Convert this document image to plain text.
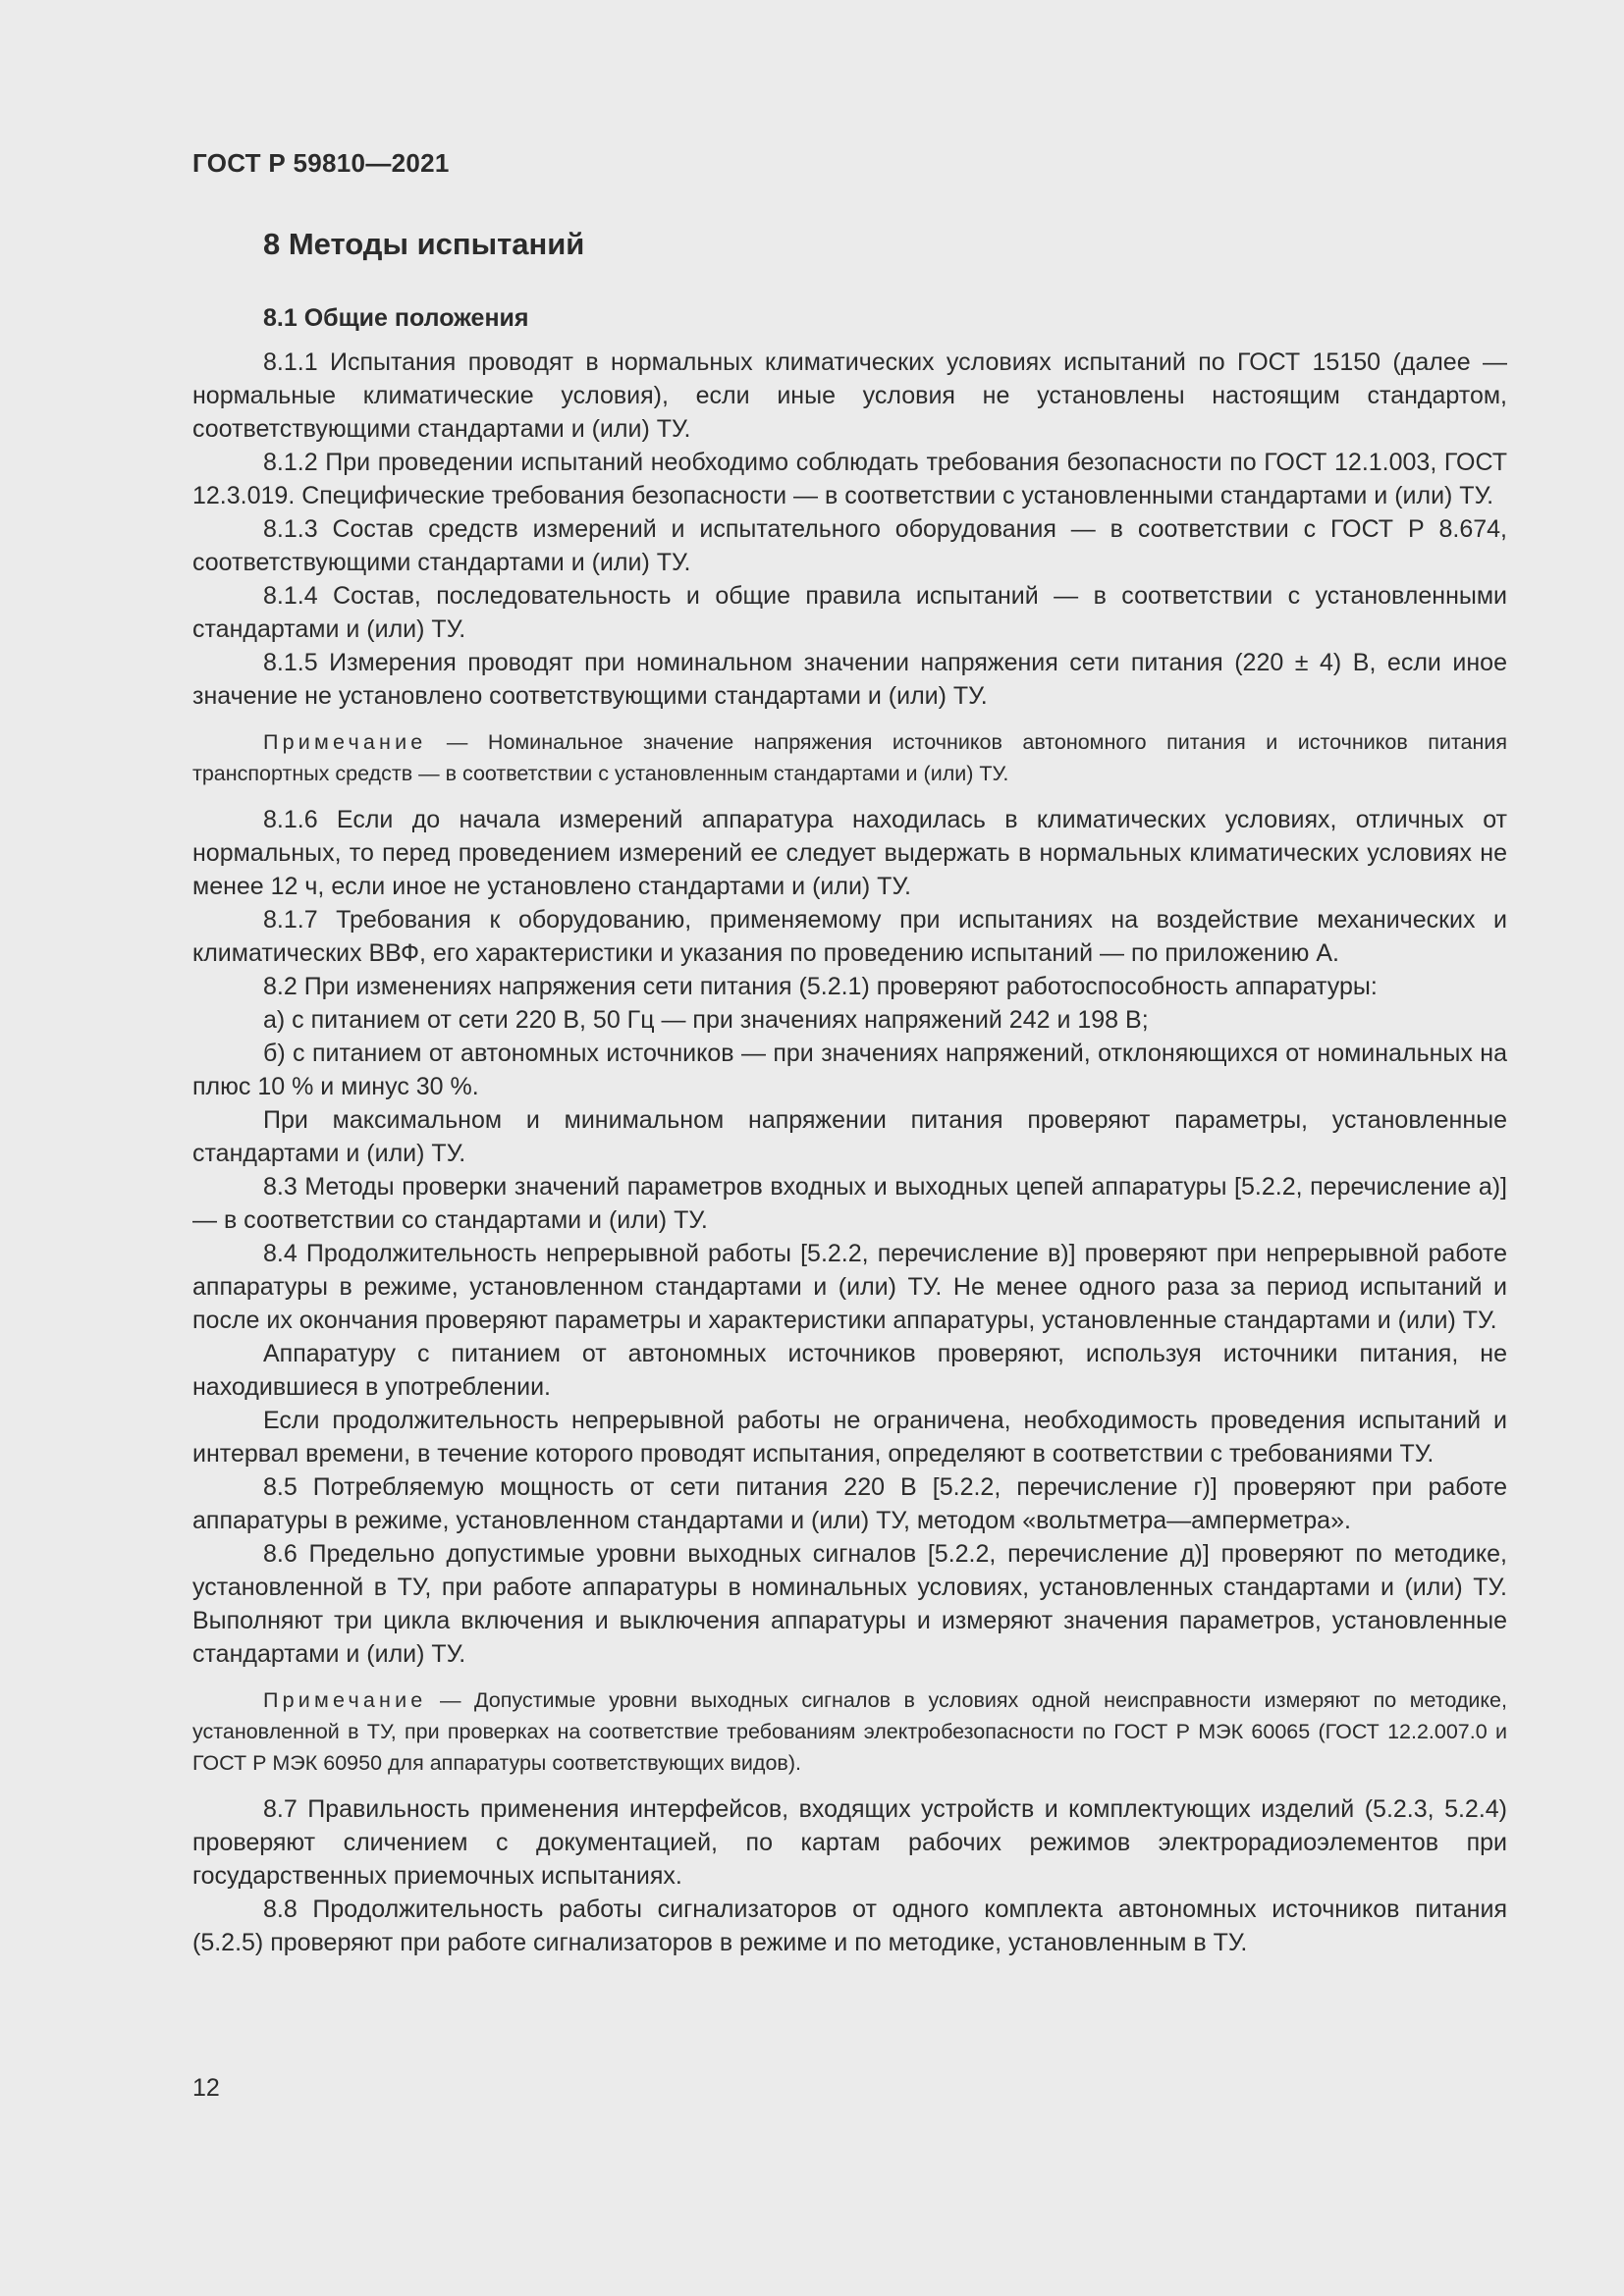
ГОСТ Р 59810—2021
8 Методы испытаний
8.1 Общие положения

8.1.1 Испытания проводят в нормальных климатических условиях испытаний по ГОСТ 15150 (далее — нормальные климатические условия), если иные условия не установлены настоящим стандартом, соответствующими стандартами и (или) ТУ.

8.1.2 При проведении испытаний необходимо соблюдать требования безопасности по ГОСТ 12.1.003, ГОСТ 12.3.019. Специфические требования безопасности — в соответствии с установленными стандартами и (или) ТУ.

8.1.3 Состав средств измерений и испытательного оборудования — в соответствии с ГОСТ Р 8.674, соответствующими стандартами и (или) ТУ.

8.1.4 Состав, последовательность и общие правила испытаний — в соответствии с установленными стандартами и (или) ТУ.

8.1.5 Измерения проводят при номинальном значении напряжения сети питания (220 ± 4) В, если иное значение не установлено соответствующими стандартами и (или) ТУ.

Примечание — Номинальное значение напряжения источников автономного питания и источников питания транспортных средств — в соответствии с установленным стандартами и (или) ТУ.

8.1.6 Если до начала измерений аппаратура находилась в климатических условиях, отличных от нормальных, то перед проведением измерений ее следует выдержать в нормальных климатических условиях не менее 12 ч, если иное не установлено стандартами и (или) ТУ.

8.1.7 Требования к оборудованию, применяемому при испытаниях на воздействие механических и климатических ВВФ, его характеристики и указания по проведению испытаний — по приложению А.

8.2 При изменениях напряжения сети питания (5.2.1) проверяют работоспособность аппаратуры:

а) с питанием от сети 220 В, 50 Гц — при значениях напряжений 242 и 198 В;

б) с питанием от автономных источников — при значениях напряжений, отклоняющихся от номинальных на плюс 10 % и минус 30 %.

При максимальном и минимальном напряжении питания проверяют параметры, установленные стандартами и (или) ТУ.

8.3 Методы проверки значений параметров входных и выходных цепей аппаратуры [5.2.2, перечисление а)] — в соответствии со стандартами и (или) ТУ.

8.4 Продолжительность непрерывной работы [5.2.2, перечисление в)] проверяют при непрерывной работе аппаратуры в режиме, установленном стандартами и (или) ТУ. Не менее одного раза за период испытаний и после их окончания проверяют параметры и характеристики аппаратуры, установленные стандартами и (или) ТУ.

Аппаратуру с питанием от автономных источников проверяют, используя источники питания, не находившиеся в употреблении.

Если продолжительность непрерывной работы не ограничена, необходимость проведения испытаний и интервал времени, в течение которого проводят испытания, определяют в соответствии с требованиями ТУ.

8.5 Потребляемую мощность от сети питания 220 В [5.2.2, перечисление г)] проверяют при работе аппаратуры в режиме, установленном стандартами и (или) ТУ, методом «вольтметра—амперметра».

8.6 Предельно допустимые уровни выходных сигналов [5.2.2, перечисление д)] проверяют по методике, установленной в ТУ, при работе аппаратуры в номинальных условиях, установленных стандартами и (или) ТУ. Выполняют три цикла включения и выключения аппаратуры и измеряют значения параметров, установленные стандартами и (или) ТУ.

Примечание — Допустимые уровни выходных сигналов в условиях одной неисправности измеряют по методике, установленной в ТУ, при проверках на соответствие требованиям электробезопасности по ГОСТ Р МЭК 60065 (ГОСТ 12.2.007.0 и ГОСТ Р МЭК 60950 для аппаратуры соответствующих видов).

8.7 Правильность применения интерфейсов, входящих устройств и комплектующих изделий (5.2.3, 5.2.4) проверяют сличением с документацией, по картам рабочих режимов электрорадиоэлементов при государственных приемочных испытаниях.

8.8 Продолжительность работы сигнализаторов от одного комплекта автономных источников питания (5.2.5) проверяют при работе сигнализаторов в режиме и по методике, установленным в ТУ.

12
